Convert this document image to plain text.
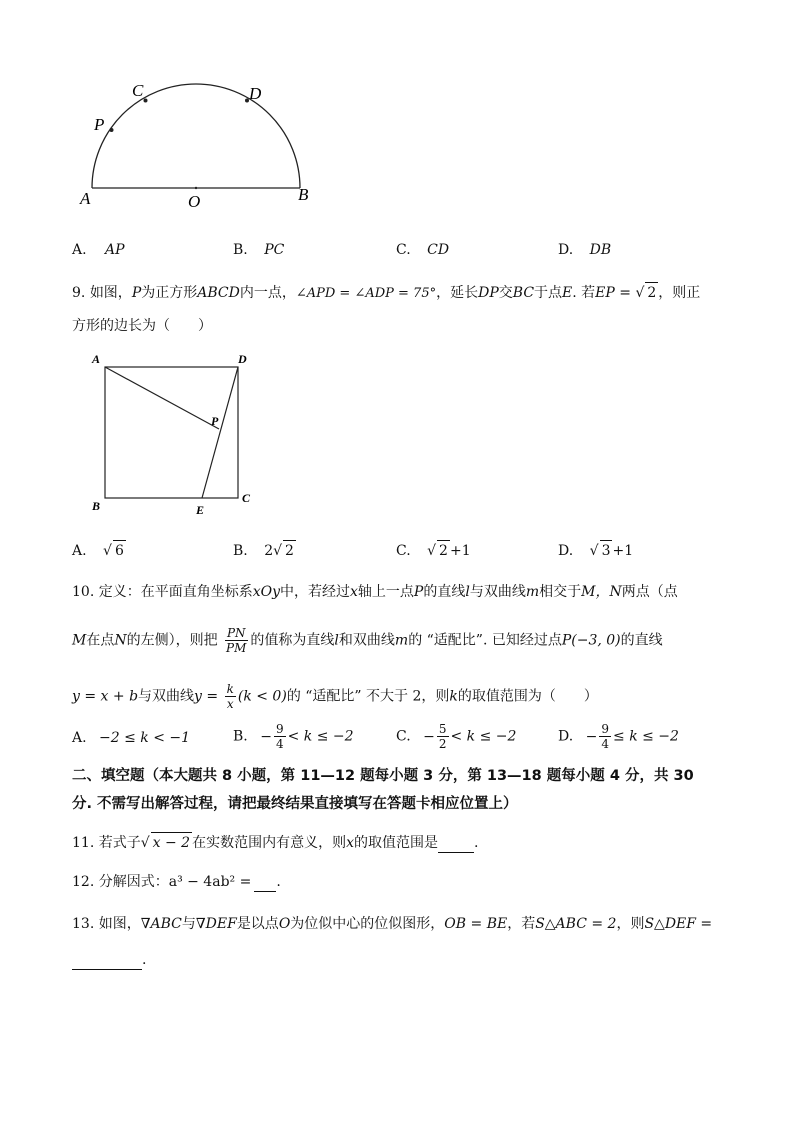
C	D
P
A	O	B
A. AP	B. PC	C. CD	D. DB
9. 如图，P为正方形ABCD内一点，∠APD = ∠ADP = 75°，延长DP交BC于点E. 若EP = √ 2 ，则正
方形的边长为（　　）
A	D
P
B	E
C
A. √ 6	B. 2√ 2	C. √ 2 +1	D. √ 3 +1
10. 定义：在平面直角坐标系xOy中，若经过x轴上一点P的直线l与双曲线m相交于M，N两点（点
M在点N的左侧），则把 $\frac{PN}{PM}$ 的值称为直线l和双曲线m的 “适配比”. 已知经过点P(−3, 0)的直线
y = x + b与双曲线$y = \frac{k}{x} (k < 0)$的 “适配比” 不大于 2，则k的取值范围为（　　）
A. −2 ≤ k < −1	B. − $\frac{9}{4} < k \le -2$	C. − $\frac{5}{2} < k \le -2$	D. − $\frac{9}{4} \le k \le -2$
二、填空题（本大题共 8 小题，第 11—12 题每小题 3 分，第 13—18 题每小题 4 分，共 30
分. 不需写出解答过程，请把最终结果直接填写在答题卡相应位置上）
11. 若式子√ x − 2 在实数范围内有意义，则x的取值范围是	.
12. 分解因式：a³ − 4ab² = .
13. 如图，∇ABC与∇DEF是以点O为位似中心的位似图形，OB = BE，若S△ABC = 2，则S△DEF =
.
